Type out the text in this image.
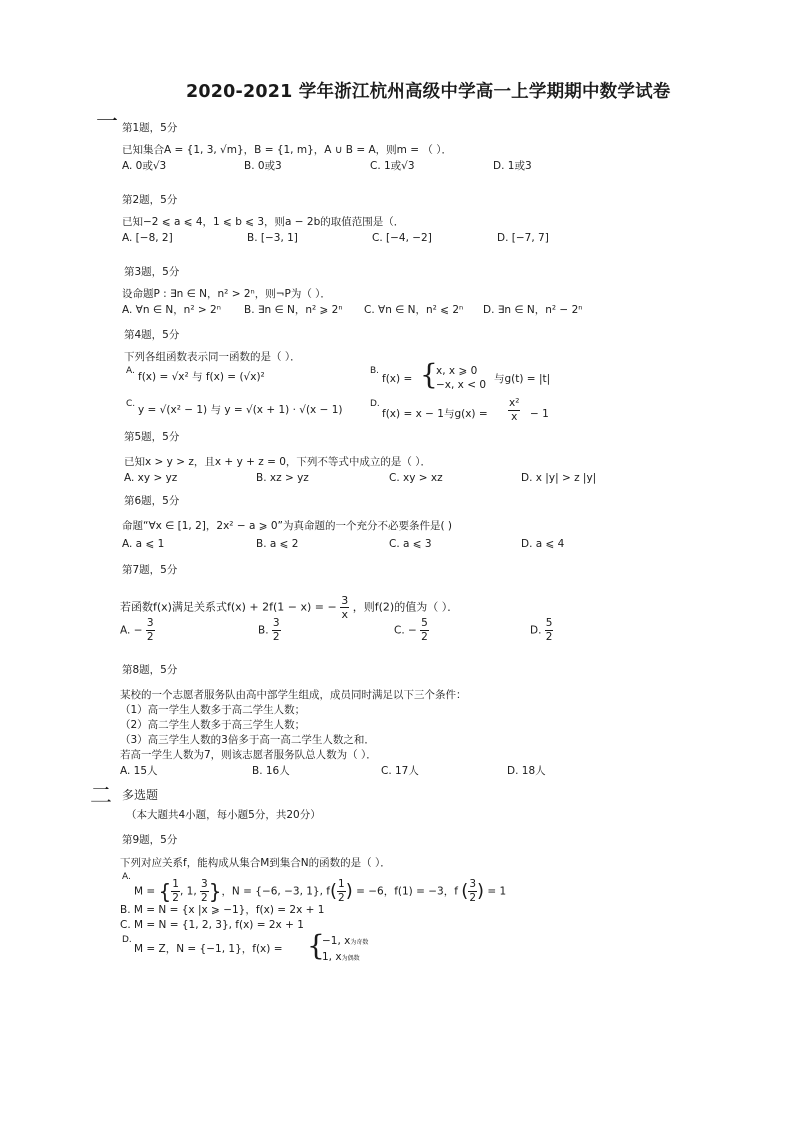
2020-2021 学年浙江杭州高级中学高一上学期期中数学试卷
一 第1题，5分
已知集合A = {1, 3, √m}，B = {1, m}，A ∪ B = A，则m = （ ）．
A. 0或√3	B. 0或3	C. 1或√3	D. 1或3
第2题，5分
已知−2 ⩽ a ⩽ 4，1 ⩽ b ⩽ 3，则a − 2b的取值范围是（．
A. [−8, 2]	B. [−3, 1]	C. [−4, −2]	D. [−7, 7]
第3题，5分
设命题P : ∃n ∈ N，n² > 2ⁿ，则¬P为（ ）．
A. ∀n ∈ N，n² > 2ⁿ B. ∃n ∈ N，n² ⩾ 2ⁿ C. ∀n ∈ N，n² ⩽ 2ⁿ D. ∃n ∈ N，n² − 2ⁿ
第4题，5分
下列各组函数表示同一函数的是（ ）．
A. f(x) = √x² 与 f(x) = (√x)²	B.
f(x) = {
x, x ⩾ 0
−x, x < 0 与g(t) = |t|
C. y = √(x² − 1) 与 y = √(x + 1) · √(x − 1)	D.
f(x) = x − 1与$g(x) = \frac{\text{x²}}{x} - 1$
第5题，5分
已知x > y > z，且x + y + z = 0，下列不等式中成立的是（ ）．
A. xy > yz	B. xz > yz	C. xy > xz	D. x |y| > z |y|
第6题，5分
命题“∀x ∈ [1, 2]，2x² − a ⩾ 0”为真命题的一个充分不必要条件是( )
A. a ⩽ 1	B. a ⩽ 2	C. a ⩽ 3	D. a ⩽ 4
第7题，5分
若函数f(x)满足关系式f(x) + 2f(1 − x) = − $\frac{3}{x}$ ，则f(2)的值为（ ）．
A. − $\frac{3}{2}$	B. $\frac{3}{2}$	C. − $\frac{5}{2}$	D. $\frac{5}{2}$
第8题，5分
某校的一个志愿者服务队由高中部学生组成，成员同时满足以下三个条件：
（1）高一学生人数多于高二学生人数；
（2）高二学生人数多于高三学生人数；
（3）高三学生人数的3倍多于高一高二学生人数之和．
若高一学生人数为7，则该志愿者服务队总人数为（ ）．
A. 15人	B. 16人	C. 17人	D. 18人
二 多选题
（本大题共4小题，每小题5分，共20分）
第9题，5分
下列对应关系f，能构成从集合M到集合N的函数的是（ ）．
A.
M = { $\frac{1}{2}$ , 1, $\frac{3}{2}$ }，N = {−6, −3, 1}, $f( \frac{1}{2}$ ) = −6，f(1) = −3，f ( $\frac{3}{2}$ ) = 1
B. M = N = {x |x ⩾ −1}，f(x) = 2x + 1
C. M = N = {1, 2, 3}, f(x) = 2x + 1
D.
M = Z，N = {−1, 1}，f(x) = {
−1, x为奇数
1, x为偶数
